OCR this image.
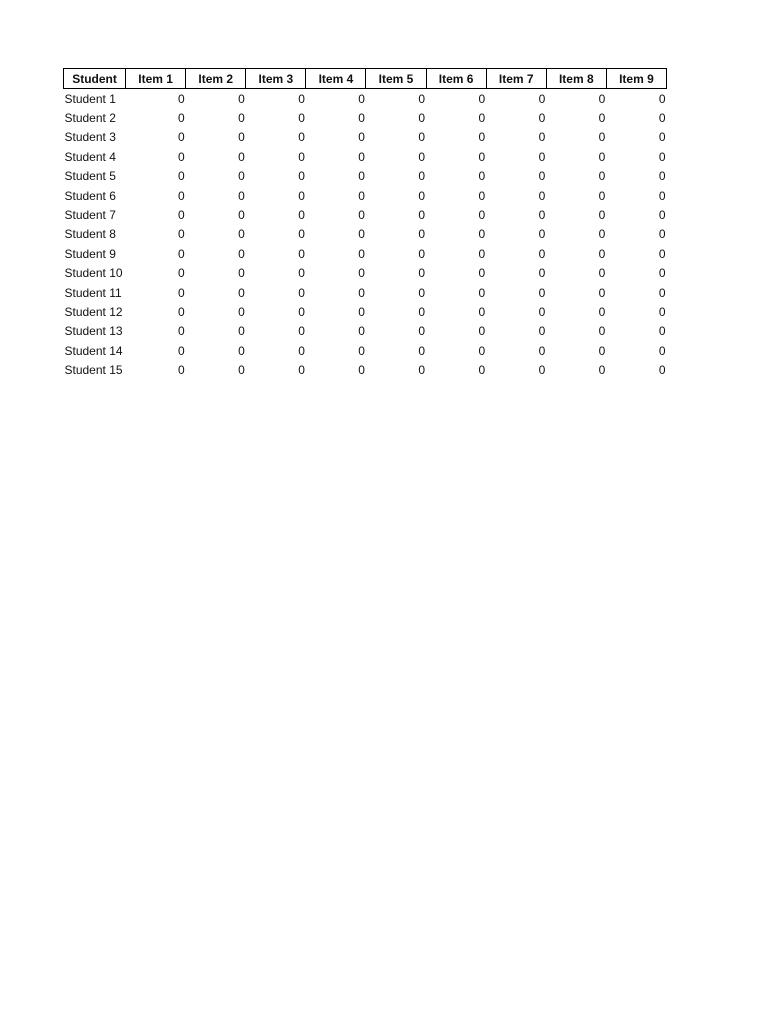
Student	Item 1	Item 2	Item 3	Item 4	Item 5	Item 6	Item 7	Item 8	Item 9
Student 1	0	0	0	0	0	0	0	0	0
Student 2	0	0	0	0	0	0	0	0	0
Student 3	0	0	0	0	0	0	0	0	0
Student 4	0	0	0	0	0	0	0	0	0
Student 5	0	0	0	0	0	0	0	0	0
Student 6	0	0	0	0	0	0	0	0	0
Student 7	0	0	0	0	0	0	0	0	0
Student 8	0	0	0	0	0	0	0	0	0
Student 9	0	0	0	0	0	0	0	0	0
Student 10	0	0	0	0	0	0	0	0	0
Student 11	0	0	0	0	0	0	0	0	0
Student 12	0	0	0	0	0	0	0	0	0
Student 13	0	0	0	0	0	0	0	0	0
Student 14	0	0	0	0	0	0	0	0	0
Student 15	0	0	0	0	0	0	0	0	0
